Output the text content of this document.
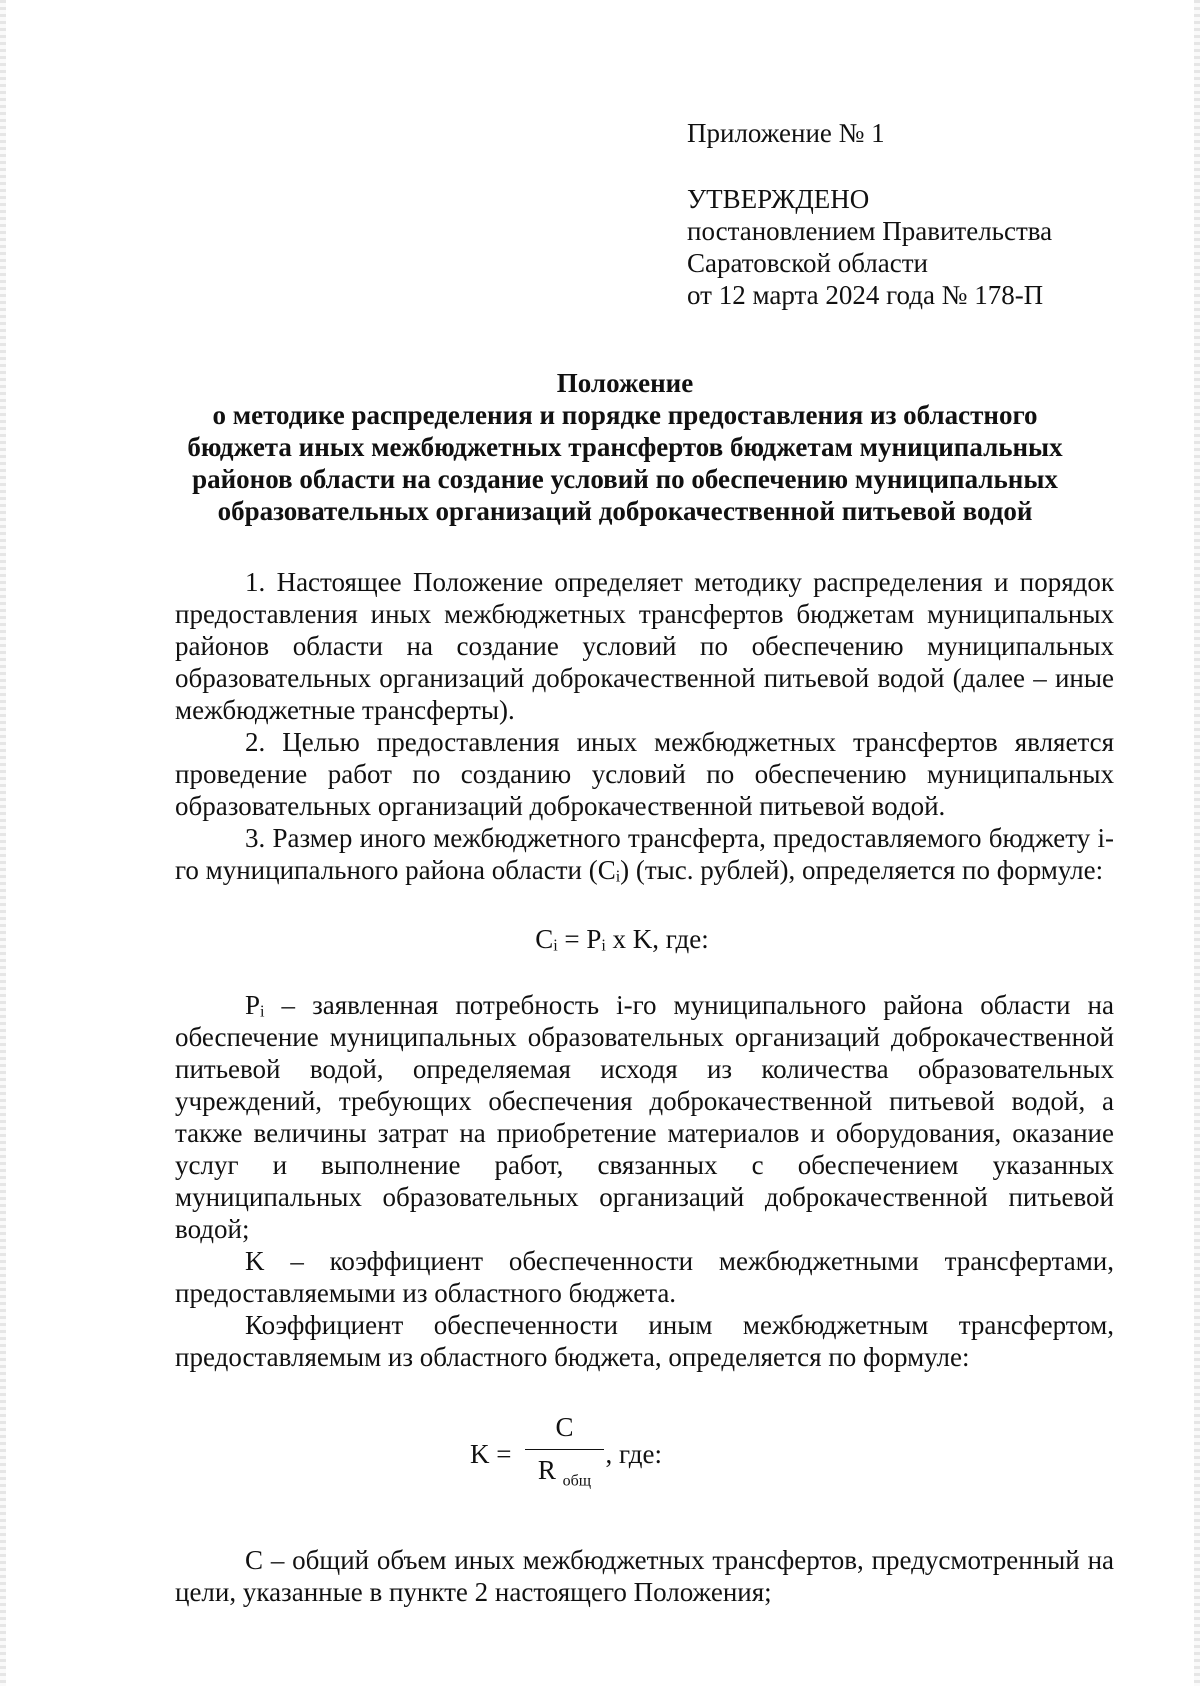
Приложение № 1
УТВЕРЖДЕНО
постановлением Правительства
Саратовской области
от 12 марта 2024 года № 178-П
Положение
о методике распределения и порядке предоставления из областного
бюджета иных межбюджетных трансфертов бюджетам муниципальных
районов области на создание условий по обеспечению муниципальных
образовательных организаций доброкачественной питьевой водой

1. Настоящее Положение определяет методику распределения и порядок предоставления иных межбюджетных трансфертов бюджетам муниципальных районов области на создание условий по обеспечению муниципальных образовательных организаций доброкачественной питьевой водой (далее – иные межбюджетные трансферты).

2. Целью предоставления иных межбюджетных трансфертов является проведение работ по созданию условий по обеспечению муниципальных образовательных организаций доброкачественной питьевой водой.

3. Размер иного межбюджетного трансферта, предоставляемого бюджету i-го муниципального района области (Cᵢ) (тыс. рублей), определяется по формуле:

Cᵢ = Pᵢ x K, где:

Pᵢ – заявленная потребность i-го муниципального района области на обеспечение муниципальных образовательных организаций доброкачественной питьевой водой, определяемая исходя из количества образовательных учреждений, требующих обеспечения доброкачественной питьевой водой, а также величины затрат на приобретение материалов и оборудования, оказание услуг и выполнение работ, связанных с обеспечением указанных муниципальных образовательных организаций доброкачественной питьевой водой;

K – коэффициент обеспеченности межбюджетными трансфертами, предоставляемыми из областного бюджета.

Коэффициент обеспеченности иным межбюджетным трансфертом, предоставляемым из областного бюджета, определяется по формуле:

$K = \frac{C}{R _{общ}}$ , где:

C – общий объем иных межбюджетных трансфертов, предусмотренный на цели, указанные в пункте 2 настоящего Положения;
